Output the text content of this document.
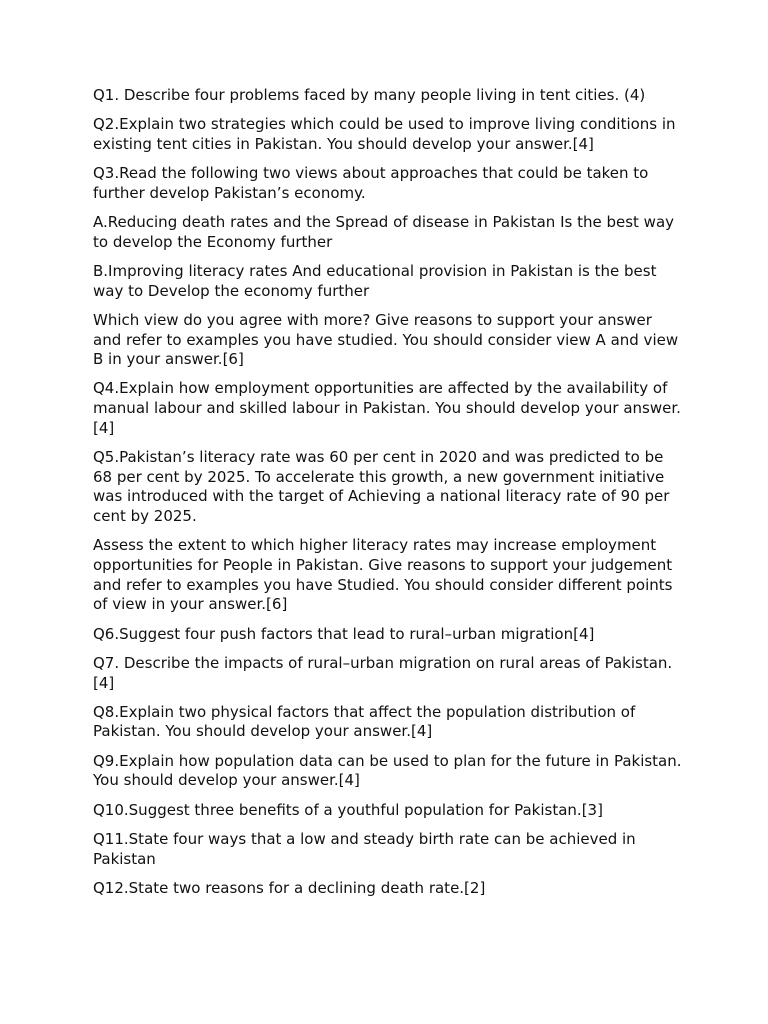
Q1. Describe four problems faced by many people living in tent cities. (4)

Q2.Explain two strategies which could be used to improve living conditions in existing tent cities in Pakistan. You should develop your answer.[4]

Q3.Read the following two views about approaches that could be taken to further develop Pakistan’s economy.

A.Reducing death rates and the Spread of disease in Pakistan Is the best way to develop the Economy further

B.Improving literacy rates And educational provision in Pakistan is the best way to Develop the economy further

Which view do you agree with more? Give reasons to support your answer and refer to examples you have studied. You should consider view A and view B in your answer.[6]

Q4.Explain how employment opportunities are affected by the availability of manual labour and skilled labour in Pakistan. You should develop your answer.[4]

Q5.Pakistan’s literacy rate was 60 per cent in 2020 and was predicted to be 68 per cent by 2025. To accelerate this growth, a new government initiative was introduced with the target of Achieving a national literacy rate of 90 per cent by 2025.

Assess the extent to which higher literacy rates may increase employment opportunities for People in Pakistan. Give reasons to support your judgement and refer to examples you have Studied. You should consider different points of view in your answer.[6]

Q6.Suggest four push factors that lead to rural–urban migration[4]

Q7. Describe the impacts of rural–urban migration on rural areas of Pakistan.[4]

Q8.Explain two physical factors that affect the population distribution of Pakistan. You should develop your answer.[4]

Q9.Explain how population data can be used to plan for the future in Pakistan. You should develop your answer.[4]

Q10.Suggest three benefits of a youthful population for Pakistan.[3]

Q11.State four ways that a low and steady birth rate can be achieved in Pakistan

Q12.State two reasons for a declining death rate.[2]
